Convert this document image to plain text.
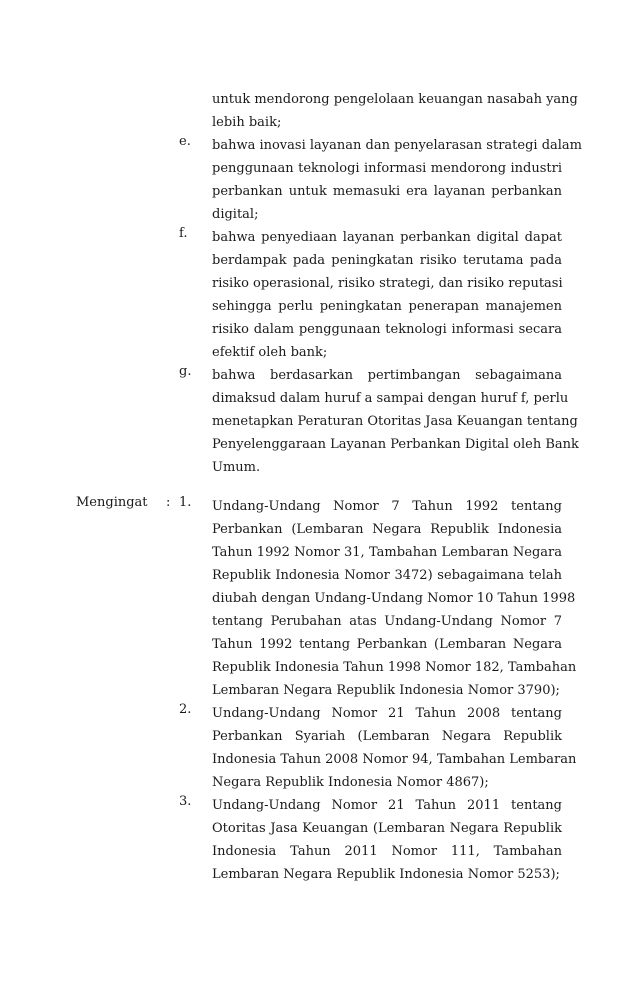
untuk mendorong pengelolaan keuangan nasabah yang
lebih baik;
e.	bahwa inovasi layanan dan penyelarasan strategi dalam
penggunaan teknologi informasi mendorong industri
perbankan untuk memasuki era layanan perbankan
digital;
f.	bahwa penyediaan layanan perbankan digital dapat
berdampak pada peningkatan risiko terutama pada
risiko operasional, risiko strategi, dan risiko reputasi
sehingga perlu peningkatan penerapan manajemen
risiko dalam penggunaan teknologi informasi secara
efektif oleh bank;
g.	bahwa berdasarkan pertimbangan sebagaimana
dimaksud dalam huruf a sampai dengan huruf f, perlu
menetapkan Peraturan Otoritas Jasa Keuangan tentang
Penyelenggaraan Layanan Perbankan Digital oleh Bank
Umum.
Mengingat	: 1.	Undang-Undang Nomor 7 Tahun 1992 tentang
Perbankan (Lembaran Negara Republik Indonesia
Tahun 1992 Nomor 31, Tambahan Lembaran Negara
Republik Indonesia Nomor 3472) sebagaimana telah
diubah dengan Undang-Undang Nomor 10 Tahun 1998
tentang Perubahan atas Undang-Undang Nomor 7
Tahun 1992 tentang Perbankan (Lembaran Negara
Republik Indonesia Tahun 1998 Nomor 182, Tambahan
Lembaran Negara Republik Indonesia Nomor 3790);
2.	Undang-Undang Nomor 21 Tahun 2008 tentang
Perbankan Syariah (Lembaran Negara Republik
Indonesia Tahun 2008 Nomor 94, Tambahan Lembaran
Negara Republik Indonesia Nomor 4867);
3.	Undang-Undang Nomor 21 Tahun 2011 tentang
Otoritas Jasa Keuangan (Lembaran Negara Republik
Indonesia Tahun 2011 Nomor 111, Tambahan
Lembaran Negara Republik Indonesia Nomor 5253);
